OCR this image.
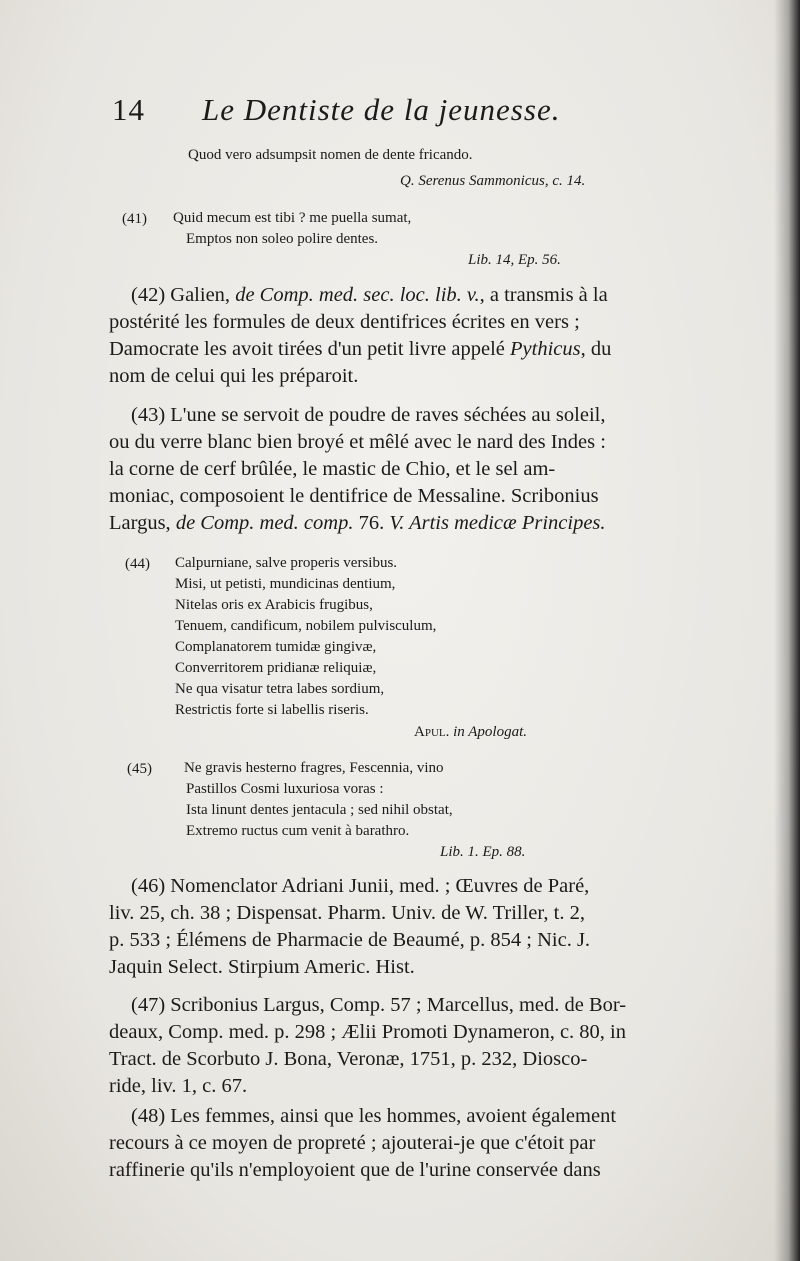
14 Le Dentiste de la jeunesse.
Quod vero adsumpsit nomen de dente fricando.
Q. Serenus Sammonicus, c. 14.
(41) Quid mecum est tibi ? me puella sumat,
Emptos non soleo polire dentes.
Lib. 14, Ep. 56.
(42) Galien, de Comp. med. sec. loc. lib. v., a transmis à la
postérité les formules de deux dentifrices écrites en vers ;
Damocrate les avoit tirées d'un petit livre appelé Pythicus, du
nom de celui qui les préparoit.
(43) L'une se servoit de poudre de raves séchées au soleil,
ou du verre blanc bien broyé et mêlé avec le nard des Indes :
la corne de cerf brûlée, le mastic de Chio, et le sel am-
moniac, composoient le dentifrice de Messaline. Scribonius
Largus, de Comp. med. comp. 76. V. Artis medicæ Principes.
(44) Calpurniane, salve properis versibus.
Misi, ut petisti, mundicinas dentium,
Nitelas oris ex Arabicis frugibus,
Tenuem, candificum, nobilem pulvisculum,
Complanatorem tumidæ gingivæ,
Converritorem pridianæ reliquiæ,
Ne qua visatur tetra labes sordium,
Restrictis forte si labellis riseris.
Apul. in Apologat.
(45) Ne gravis hesterno fragres, Fescennia, vino
Pastillos Cosmi luxuriosa voras :
Ista linunt dentes jentacula ; sed nihil obstat,
Extremo ructus cum venit à barathro.
Lib. 1. Ep. 88.
(46) Nomenclator Adriani Junii, med. ; Œuvres de Paré,
liv. 25, ch. 38 ; Dispensat. Pharm. Univ. de W. Triller, t. 2,
p. 533 ; Élémens de Pharmacie de Beaumé, p. 854 ; Nic. J.
Jaquin Select. Stirpium Americ. Hist.
(47) Scribonius Largus, Comp. 57 ; Marcellus, med. de Bor-
deaux, Comp. med. p. 298 ; Ælii Promoti Dynameron, c. 80, in
Tract. de Scorbuto J. Bona, Veronæ, 1751, p. 232, Diosco-
ride, liv. 1, c. 67.
(48) Les femmes, ainsi que les hommes, avoient également
recours à ce moyen de propreté ; ajouterai-je que c'étoit par
raffinerie qu'ils n'employoient que de l'urine conservée dans
